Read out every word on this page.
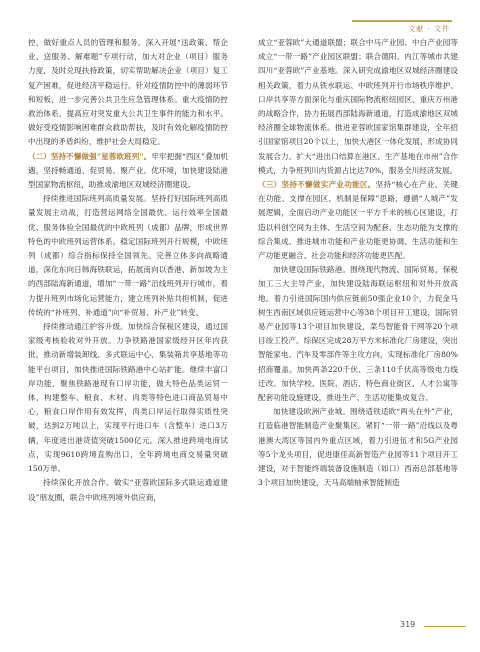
文献 · 文件

控，做好重点人员的管理和服务。深入开展“送政策、帮企业、送服务、解难题”专项行动，加大对企业（项目）服务力度，及时兑现扶持政策，切实帮助解决企业（项目）复工复产困难，促进经济平稳运行。针对疫情防控中的薄弱环节和短板，进一步完善公共卫生应急管理体系。重大疫情防控救治体系，提高应对突发重大公共卫生事件的能力和水平。做好受疫情影响困难群众救助帮扶，及时有效化解疫情防控中出现的矛盾纠纷，维护社会大局稳定。

（二）坚持不懈做强“星蓉欧班列”。牢牢把握“西区”叠加机遇，坚持畅通道、促贸易、聚产业、优环境，加快建设陆港型国家物流枢纽，助推成渝地区双城经济圈建设。

持续推进国际班列高质量发展。坚持打好国际班列高质量发展主动战，打造营运网络全国最优、运行效率全国最优、服务体验全国最优的中欧班列（成都）品牌，形成世界特色的中欧班列运营体系。稳定国际班列开行规模，中欧班列（成都）综合指标保持全国领先。完善立体多向战略通道，深化东向日韩海铁联运，拓展南向以香港、新加坡为主的西部陆海新通道，增加“一带一路”沿线班列开行城市，着力提升班列市场化运营能力，建立班列补贴共担机制，促进传统的“补班列、补通道”向“补贸易、补产业”转变。

持续推动通江护容升级。加快综合保税区建设，通过国家级考核验收对外开放。力争铁路港国家级经开区年内获批，推动新增装卸线、多式联运中心、集装箱共享基地等功能平台项目，加快推进国际铁路港中心站扩能。继续丰富口岸功能，聚焦铁路港现有口岸功能，做大特色品类运贸一体，构建整车、粮食、木材、肉类等特色进口商品贸易中心，粮食口岸作用有效发挥，肉类口岸运行取得实质性突破，达到2万吨以上，实现平行进口车（含整车）进口3万辆，年度进出港货值突破1500亿元。深入推进跨境电商试点，实现9610跨境直购出口，全年跨境电商交易量突破150万单。

持续深化开放合作。做实“亚蓉欧国际多式联运通道建设”朋友圈，联合中欧班列境外供应商，

成立“亚蓉欧”大通道联盟；联合中马产业园、中白产业园等成立“一带一路”产业园区联盟；联合德阳、内江等城市共建四川“亚蓉欧”产业基地。深入研究成渝地区双城经济圈建设相关政策，着力从铁水联运、中欧班列开行市场秩序维护、口岸共享等方面深化与重庆国际物流枢纽园区、重庆万州港的战略合作，协力拓展西部陆海新通道，打造成渝地区双城经济圈全球物流体系。推进亚蓉欧国家馆集群建设，全年招引国家馆项目20个以上，加快大港区一体化发展，形成协同发展合力。扩大“进出口结算在港区、生产基地在市州”合作模式，力争班列川内货源占比达70%，服务全川经济发展。

（三）坚持不懈做实产业功能区。坚持“核心在产业、关键在功能、支撑在园区、机制是保障”思路，遵循“人城产”发展逻辑，全面启动产业功能区一平方千米的核心区建设，打造以科创空间为主体、生活空间为配套、生态功能为支撑的综合集成、推进城市功能和产业功能更协调、生活功能和生产功能更融合、社会功能和经济功能更匹配。

加快建设国际铁路港。围绕现代物流、国际贸易，保税加工三大主导产业，加快建设陆海联运枢纽和对外开放高地。着力引进国际国内供应链前50强企业10个，力促金马树生西南区域供应链运营中心等38个项目开工建设，国际贸易产业园等13个项目加快建设，菜鸟智能骨干网等20个项目竣工投产。综保区完成28万平方米标准化厂房建设，突出智能家电、汽车及零部件等主攻方向，实现标准化厂房80%招商覆盖。加快两条220千伏、三条110千伏高等级电力线迁改。加快学校、医院、酒店、特色商业街区、人才公寓等配套功能设施建设，推进生产、生活功能集成复合。

加快建设欧洲产业城。围绕适铁适欧“两头在外”产业，打造临港智能制造产业聚集区。紧盯“一带一路”沿线以及粤港澳大湾区等国内外重点区域，着力引进伍才和5G产业园等5个龙头项目，促进康佳高新智造产业园等11个项目开工建设，对于智能终端装备设施制造（如口）西南总部基地等3个项目加快建设，天马高端轴承智能制造

319
